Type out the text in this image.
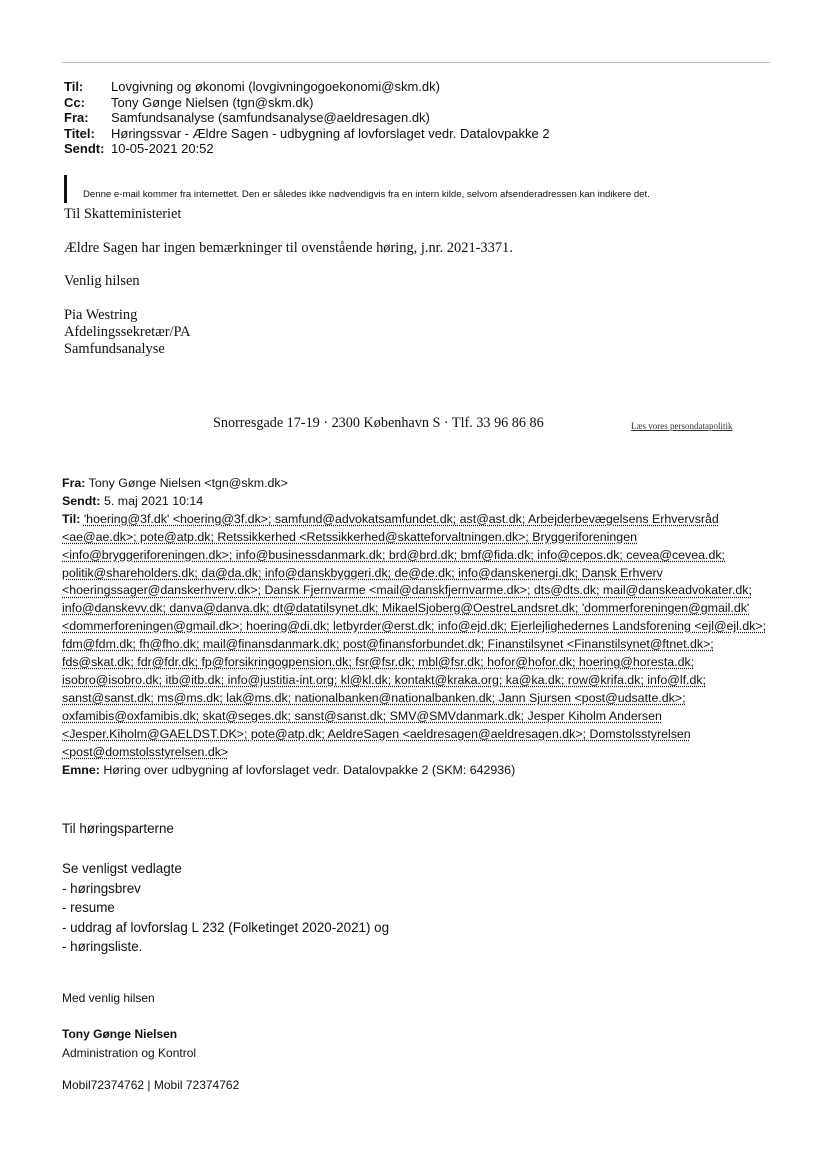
Til:	Lovgivning og økonomi (lovgivningogoekonomi@skm.dk)
Cc:	Tony Gønge Nielsen (tgn@skm.dk)
Fra:	Samfundsanalyse (samfundsanalyse@aeldresagen.dk)
Titel:	Høringssvar - Ældre Sagen - udbygning af lovforslaget vedr. Datalovpakke 2
Sendt: 10-05-2021 20:52
Denne e-mail kommer fra internettet. Den er således ikke nødvendigvis fra en intern kilde, selvom afsenderadressen kan indikere det.
Til Skatteministeriet
Ældre Sagen har ingen bemærkninger til ovenstående høring, j.nr. 2021-3371.
Venlig hilsen
Pia Westring
Afdelingssekretær/PA
Samfundsanalyse
Snorresgade 17-19 · 2300 København S · Tlf. 33 96 86 86	Læs vores persondatapolitik
Fra: Tony Gønge Nielsen <tgn@skm.dk>
Sendt: 5. maj 2021 10:14
Til: 'hoering@3f.dk' <hoering@3f.dk>; samfund@advokatsamfundet.dk; ast@ast.dk; Arbejderbevægelsens Erhvervsråd <ae@ae.dk>; pote@atp.dk; Retssikkerhed <Retssikkerhed@skatteforvaltningen.dk>; Bryggeriforeningen <info@bryggeriforeningen.dk>; info@businessdanmark.dk; brd@brd.dk; bmf@fida.dk; info@cepos.dk; cevea@cevea.dk; politik@shareholders.dk; da@da.dk; info@danskbyggeri.dk; de@de.dk; info@danskenergi.dk; Dansk Erhverv <hoeringssager@danskerhverv.dk>; Dansk Fjernvarme <mail@danskfjernvarme.dk>; dts@dts.dk; mail@danskeadvokater.dk; info@danskevv.dk; danva@danva.dk; dt@datatilsynet.dk; MikaelSjoberg@OestreLandsret.dk; 'dommerforeningen@gmail.dk' <dommerforeningen@gmail.dk>; hoering@di.dk; letbyrder@erst.dk; info@ejd.dk; Ejerlejlighedernes Landsforening <ejl@ejl.dk>; fdm@fdm.dk; fh@fho.dk; mail@finansdanmark.dk; post@finansforbundet.dk; Finanstilsynet <Finanstilsynet@ftnet.dk>; fds@skat.dk; fdr@fdr.dk; fp@forsikringogpension.dk; fsr@fsr.dk; mbl@fsr.dk; hofor@hofor.dk; hoering@horesta.dk; isobro@isobro.dk; itb@itb.dk; info@justitia-int.org; kl@kl.dk; kontakt@kraka.org; ka@ka.dk; row@krifa.dk; info@lf.dk; sanst@sanst.dk; ms@ms.dk; lak@ms.dk; nationalbanken@nationalbanken.dk; Jann Sjursen <post@udsatte.dk>; oxfamibis@oxfamibis.dk; skat@seges.dk; sanst@sanst.dk; SMV@SMVdanmark.dk; Jesper Kiholm Andersen <Jesper.Kiholm@GAELDST.DK>; pote@atp.dk; AeldreSagen <aeldresagen@aeldresagen.dk>; Domstolsstyrelsen <post@domstolsstyrelsen.dk>
Emne: Høring over udbygning af lovforslaget vedr. Datalovpakke 2 (SKM: 642936)
Til høringsparterne
Se venligst vedlagte
- høringsbrev
- resume
- uddrag af lovforslag L 232 (Folketinget 2020-2021) og
- høringsliste.
Med venlig hilsen
Tony Gønge Nielsen
Administration og Kontrol
Mobil72374762 | Mobil 72374762
